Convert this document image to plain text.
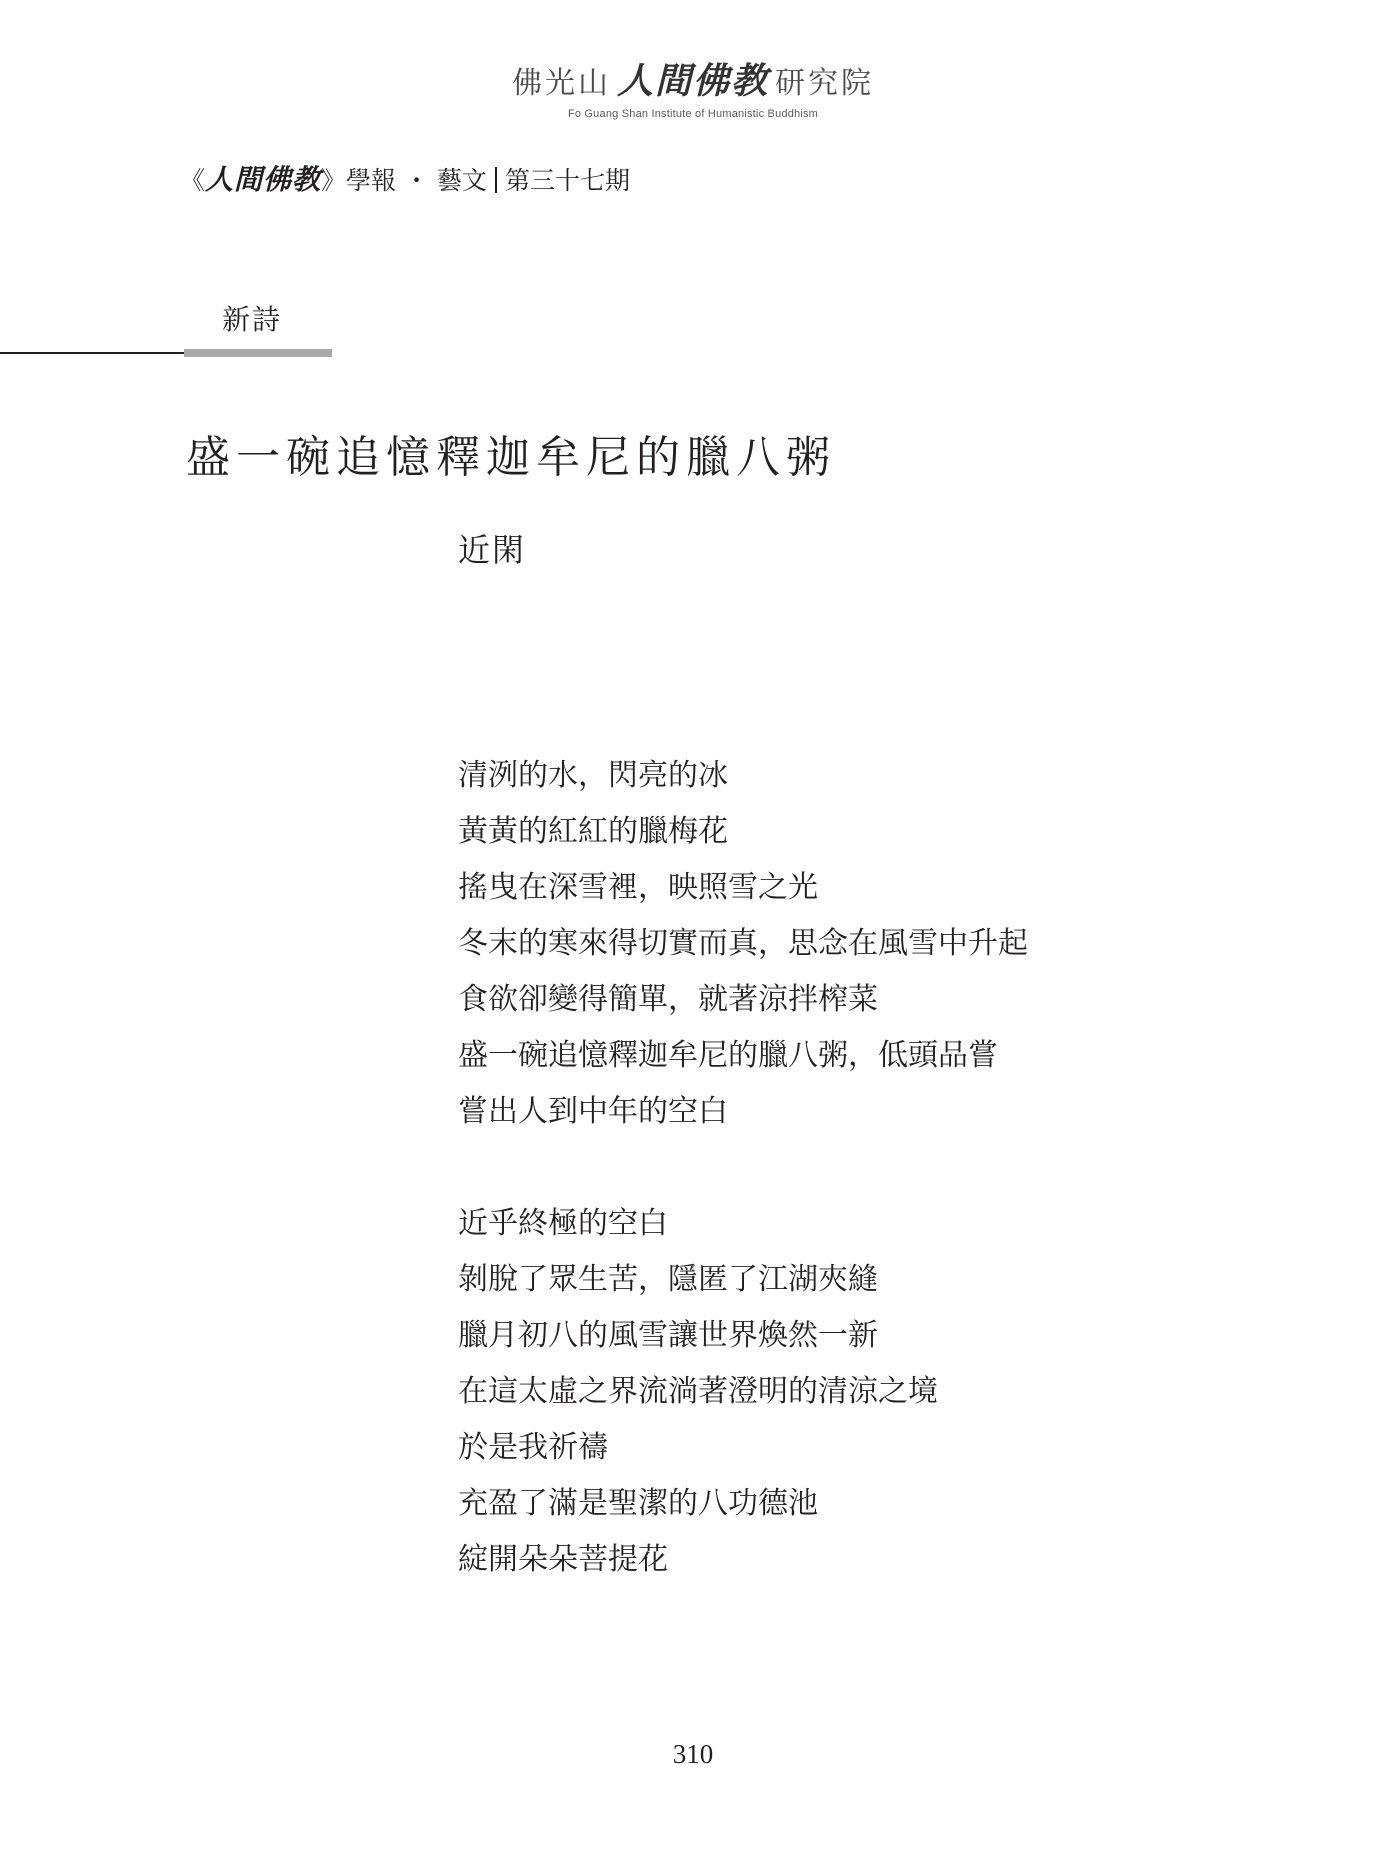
佛光山 人間佛教 研究院
Fo Guang Shan Institute of Humanistic Buddhism
《人間佛教》學報 ・ 藝文 第三十七期
新詩
盛一碗追憶釋迦牟尼的臘八粥
近閑
清洌的水，閃亮的冰
黃黃的紅紅的臘梅花
搖曳在深雪裡，映照雪之光
冬末的寒來得切實而真，思念在風雪中升起
食欲卻變得簡單，就著涼拌榨菜
盛一碗追憶釋迦牟尼的臘八粥，低頭品嘗
嘗出人到中年的空白
近乎終極的空白
剝脫了眾生苦，隱匿了江湖夾縫
臘月初八的風雪讓世界煥然一新
在這太虛之界流淌著澄明的清涼之境
於是我祈禱
充盈了滿是聖潔的八功德池
綻開朵朵菩提花
310
